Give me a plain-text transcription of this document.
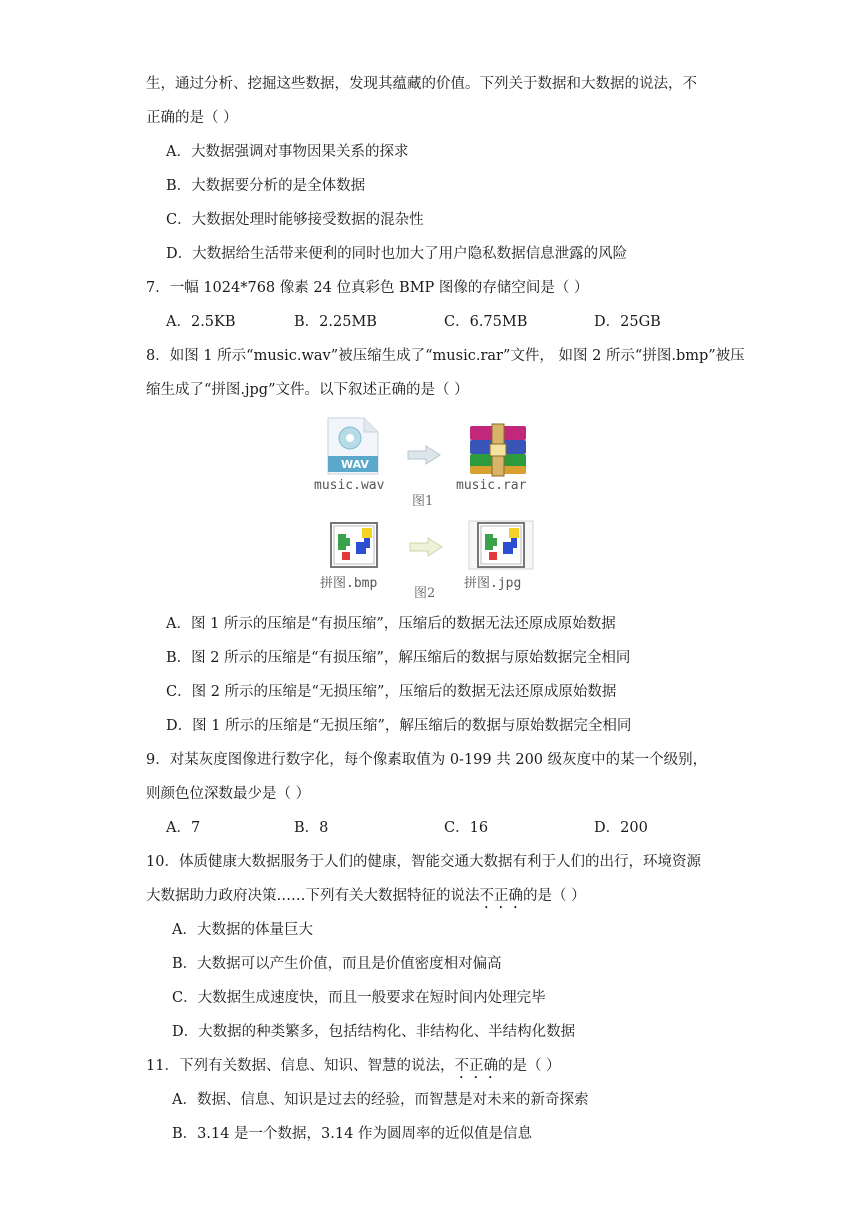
生，通过分析、挖掘这些数据，发现其蕴藏的价值。下列关于数据和大数据的说法，不
正确的是（ ）
A．大数据强调对事物因果关系的探求
B．大数据要分析的是全体数据
C．大数据处理时能够接受数据的混杂性
D．大数据给生活带来便利的同时也加大了用户隐私数据信息泄露的风险
7．一幅 1024*768 像素 24 位真彩色 BMP 图像的存储空间是（ ）
A．2.5KB	B．2.25MB	C．6.75MB	D．25GB
8．如图 1 所示“music.wav”被压缩生成了“music.rar”文件， 如图 2 所示“拼图.bmp”被压
缩生成了“拼图.jpg”文件。以下叙述正确的是（ ）
WAV
music.wav	music.rar
图1
拼图.bmp	拼图.jpg
图2
A．图 1 所示的压缩是“有损压缩”，压缩后的数据无法还原成原始数据
B．图 2 所示的压缩是“有损压缩”，解压缩后的数据与原始数据完全相同
C．图 2 所示的压缩是“无损压缩”，压缩后的数据无法还原成原始数据
D．图 1 所示的压缩是“无损压缩”，解压缩后的数据与原始数据完全相同
9．对某灰度图像进行数字化，每个像素取值为 0-199 共 200 级灰度中的某一个级别，
则颜色位深数最少是（ ）
A．7	B．8	C．16	D．200
10．体质健康大数据服务于人们的健康，智能交通大数据有利于人们的出行，环境资源
大数据助力政府决策……下列有关大数据特征的说法不正确的是（ ）
A．大数据的体量巨大
B．大数据可以产生价值，而且是价值密度相对偏高
C．大数据生成速度快，而且一般要求在短时间内处理完毕
D．大数据的种类繁多，包括结构化、非结构化、半结构化数据
11．下列有关数据、信息、知识、智慧的说法，不正确的是（ ）
A．数据、信息、知识是过去的经验，而智慧是对未来的新奇探索
B．3.14 是一个数据，3.14 作为圆周率的近似值是信息
